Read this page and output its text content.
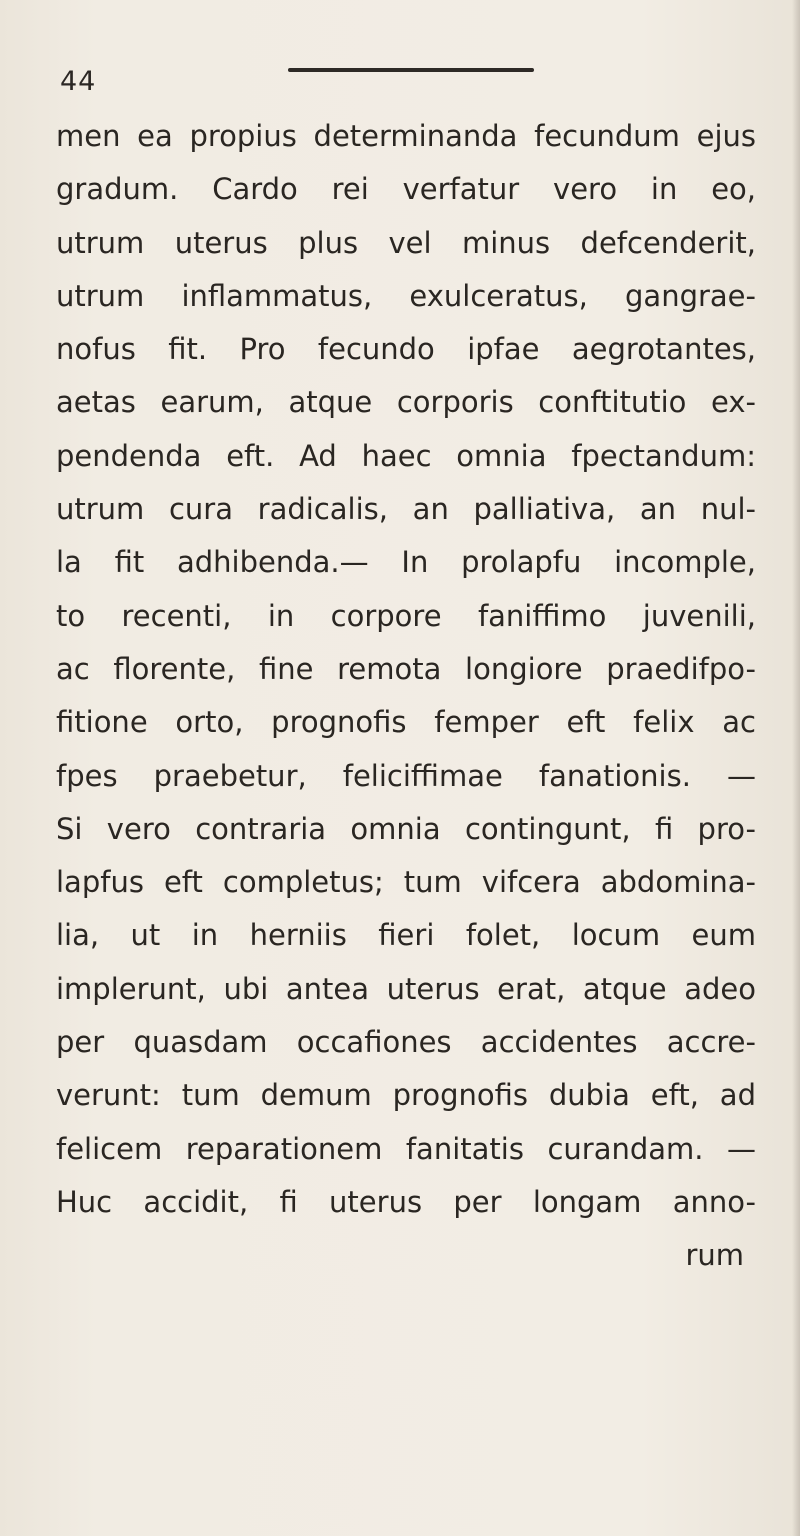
44
men ea propius determinanda fecundum ejus
gradum. Cardo rei verfatur vero in eo,
utrum uterus plus vel minus defcenderit,
utrum inflammatus, exulceratus, gangrae-
nofus fit. Pro fecundo ipfae aegrotantes,
aetas earum, atque corporis conftitutio ex-
pendenda eft. Ad haec omnia fpectandum:
utrum cura radicalis, an palliativa, an nul-
la fit adhibenda.— In prolapfu incomple,
to recenti, in corpore faniffimo juvenili,
ac florente, fine remota longiore praedifpo-
fitione orto, prognofis femper eft felix ac
fpes praebetur, feliciffimae fanationis. —
Si vero contraria omnia contingunt, fi pro-
lapfus eft completus; tum vifcera abdomina-
lia, ut in herniis fieri folet, locum eum
implerunt, ubi antea uterus erat, atque adeo
per quasdam occafiones accidentes accre-
verunt: tum demum prognofis dubia eft, ad
felicem reparationem fanitatis curandam. —
Huc accidit, fi uterus per longam anno-
rum
